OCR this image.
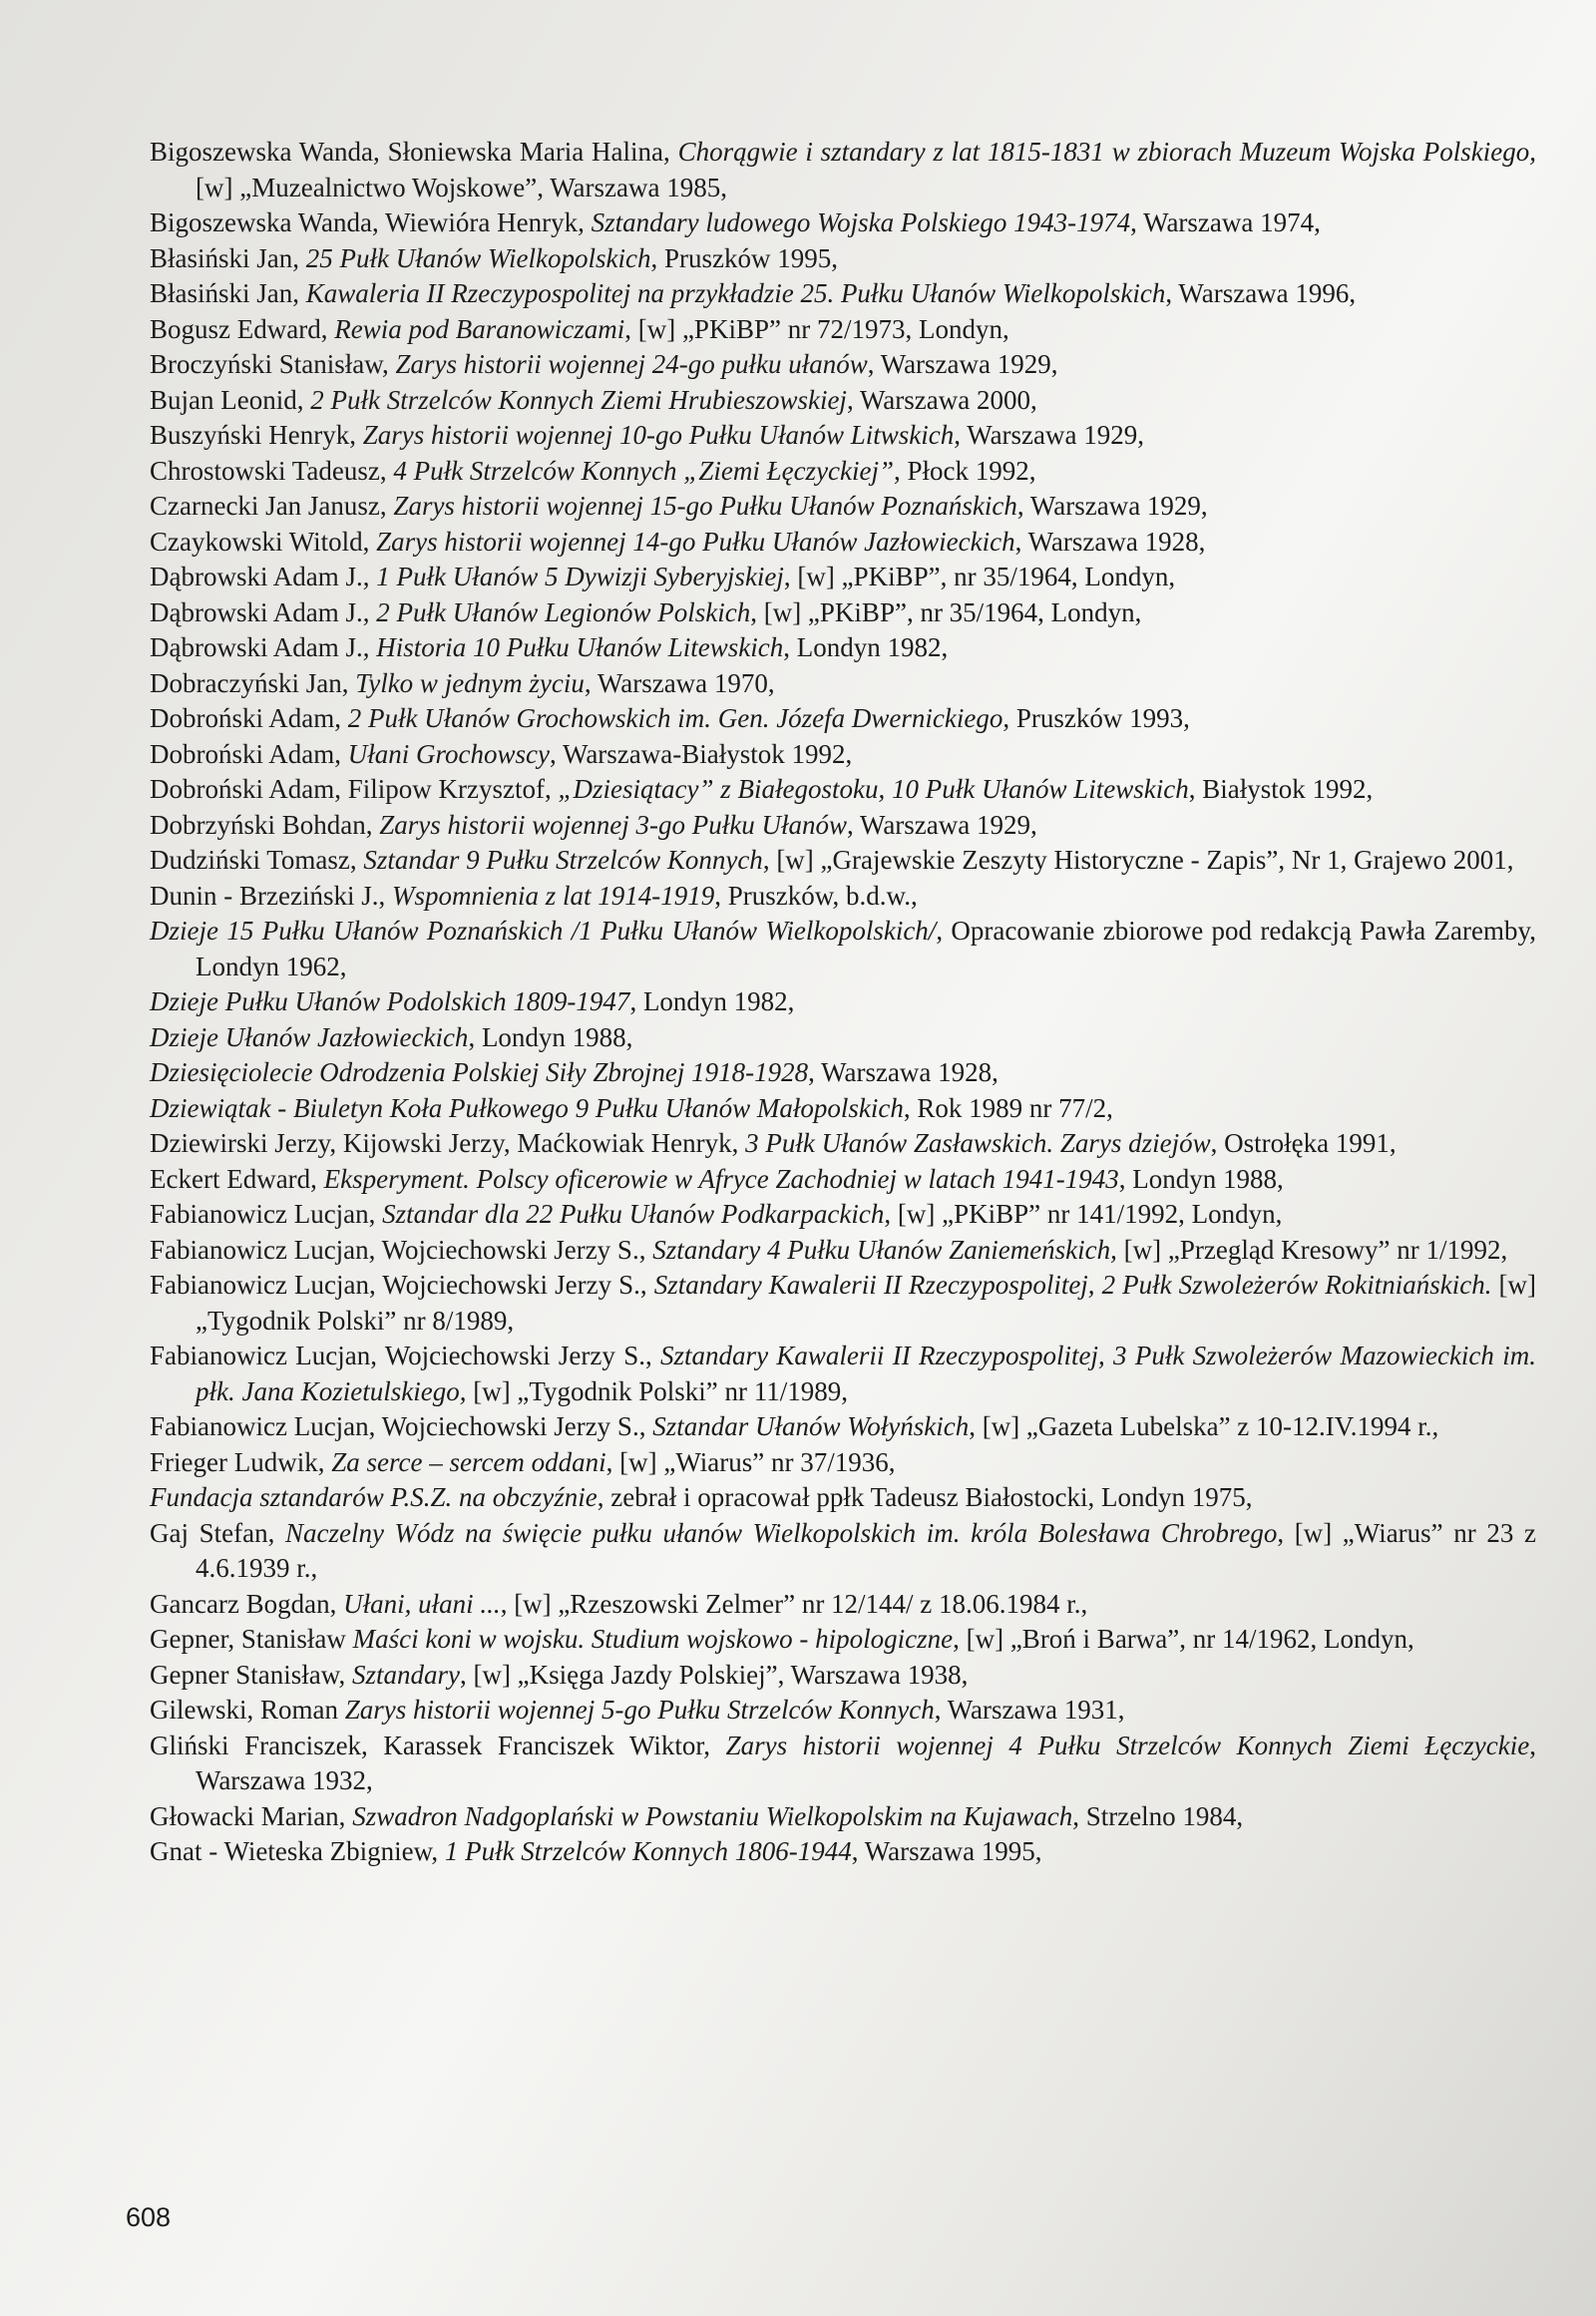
Bigoszewska Wanda, Słoniewska Maria Halina, Chorągwie i sztandary z lat 1815-1831 w zbiorach Muzeum Wojska Polskiego, [w] „Muzealnictwo Wojskowe”, Warszawa 1985,

Bigoszewska Wanda, Wiewióra Henryk, Sztandary ludowego Wojska Polskiego 1943-1974, Warszawa 1974,

Błasiński Jan, 25 Pułk Ułanów Wielkopolskich, Pruszków 1995,

Błasiński Jan, Kawaleria II Rzeczypospolitej na przykładzie 25. Pułku Ułanów Wielkopolskich, Warszawa 1996,

Bogusz Edward, Rewia pod Baranowiczami, [w] „PKiBP” nr 72/1973, Londyn,

Broczyński Stanisław, Zarys historii wojennej 24-go pułku ułanów, Warszawa 1929,

Bujan Leonid, 2 Pułk Strzelców Konnych Ziemi Hrubieszowskiej, Warszawa 2000,

Buszyński Henryk, Zarys historii wojennej 10-go Pułku Ułanów Litwskich, Warszawa 1929,

Chrostowski Tadeusz, 4 Pułk Strzelców Konnych „Ziemi Łęczyckiej”, Płock 1992,

Czarnecki Jan Janusz, Zarys historii wojennej 15-go Pułku Ułanów Poznańskich, Warszawa 1929,

Czaykowski Witold, Zarys historii wojennej 14-go Pułku Ułanów Jazłowieckich, Warszawa 1928,

Dąbrowski Adam J., 1 Pułk Ułanów 5 Dywizji Syberyjskiej, [w] „PKiBP”, nr 35/1964, Londyn,

Dąbrowski Adam J., 2 Pułk Ułanów Legionów Polskich, [w] „PKiBP”, nr 35/1964, Londyn,

Dąbrowski Adam J., Historia 10 Pułku Ułanów Litewskich, Londyn 1982,

Dobraczyński Jan, Tylko w jednym życiu, Warszawa 1970,

Dobroński Adam, 2 Pułk Ułanów Grochowskich im. Gen. Józefa Dwernickiego, Pruszków 1993,

Dobroński Adam, Ułani Grochowscy, Warszawa-Białystok 1992,

Dobroński Adam, Filipow Krzysztof, „Dziesiątacy” z Białegostoku, 10 Pułk Ułanów Litewskich, Białystok 1992,

Dobrzyński Bohdan, Zarys historii wojennej 3-go Pułku Ułanów, Warszawa 1929,

Dudziński Tomasz, Sztandar 9 Pułku Strzelców Konnych, [w] „Grajewskie Zeszyty Historyczne - Zapis”, Nr 1, Grajewo 2001,

Dunin - Brzeziński J., Wspomnienia z lat 1914-1919, Pruszków, b.d.w.,

Dzieje 15 Pułku Ułanów Poznańskich /1 Pułku Ułanów Wielkopolskich/, Opracowanie zbiorowe pod redakcją Pawła Zaremby, Londyn 1962,

Dzieje Pułku Ułanów Podolskich 1809-1947, Londyn 1982,

Dzieje Ułanów Jazłowieckich, Londyn 1988,

Dziesięciolecie Odrodzenia Polskiej Siły Zbrojnej 1918-1928, Warszawa 1928,

Dziewiątak - Biuletyn Koła Pułkowego 9 Pułku Ułanów Małopolskich, Rok 1989 nr 77/2,

Dziewirski Jerzy, Kijowski Jerzy, Maćkowiak Henryk, 3 Pułk Ułanów Zasławskich. Zarys dziejów, Ostrołęka 1991,

Eckert Edward, Eksperyment. Polscy oficerowie w Afryce Zachodniej w latach 1941-1943, Londyn 1988,

Fabianowicz Lucjan, Sztandar dla 22 Pułku Ułanów Podkarpackich, [w] „PKiBP” nr 141/1992, Londyn,

Fabianowicz Lucjan, Wojciechowski Jerzy S., Sztandary 4 Pułku Ułanów Zaniemeńskich, [w] „Przegląd Kresowy” nr 1/1992,

Fabianowicz Lucjan, Wojciechowski Jerzy S., Sztandary Kawalerii II Rzeczypospolitej, 2 Pułk Szwoleżerów Rokitniańskich. [w] „Tygodnik Polski” nr 8/1989,

Fabianowicz Lucjan, Wojciechowski Jerzy S., Sztandary Kawalerii II Rzeczypospolitej, 3 Pułk Szwoleżerów Mazowieckich im. płk. Jana Kozietulskiego, [w] „Tygodnik Polski” nr 11/1989,

Fabianowicz Lucjan, Wojciechowski Jerzy S., Sztandar Ułanów Wołyńskich, [w] „Gazeta Lubelska” z 10-12.IV.1994 r.,

Frieger Ludwik, Za serce – sercem oddani, [w] „Wiarus” nr 37/1936,

Fundacja sztandarów P.S.Z. na obczyźnie, zebrał i opracował ppłk Tadeusz Białostocki, Londyn 1975,

Gaj Stefan, Naczelny Wódz na święcie pułku ułanów Wielkopolskich im. króla Bolesława Chrobrego, [w] „Wiarus” nr 23 z 4.6.1939 r.,

Gancarz Bogdan, Ułani, ułani ..., [w] „Rzeszowski Zelmer” nr 12/144/ z 18.06.1984 r.,

Gepner, Stanisław Maści koni w wojsku. Studium wojskowo - hipologiczne, [w] „Broń i Barwa”, nr 14/1962, Londyn,

Gepner Stanisław, Sztandary, [w] „Księga Jazdy Polskiej”, Warszawa 1938,

Gilewski, Roman Zarys historii wojennej 5-go Pułku Strzelców Konnych, Warszawa 1931,

Gliński Franciszek, Karassek Franciszek Wiktor, Zarys historii wojennej 4 Pułku Strzelców Konnych Ziemi Łęczyckie, Warszawa 1932,

Głowacki Marian, Szwadron Nadgoplański w Powstaniu Wielkopolskim na Kujawach, Strzelno 1984,

Gnat - Wieteska Zbigniew, 1 Pułk Strzelców Konnych 1806-1944, Warszawa 1995,

608
